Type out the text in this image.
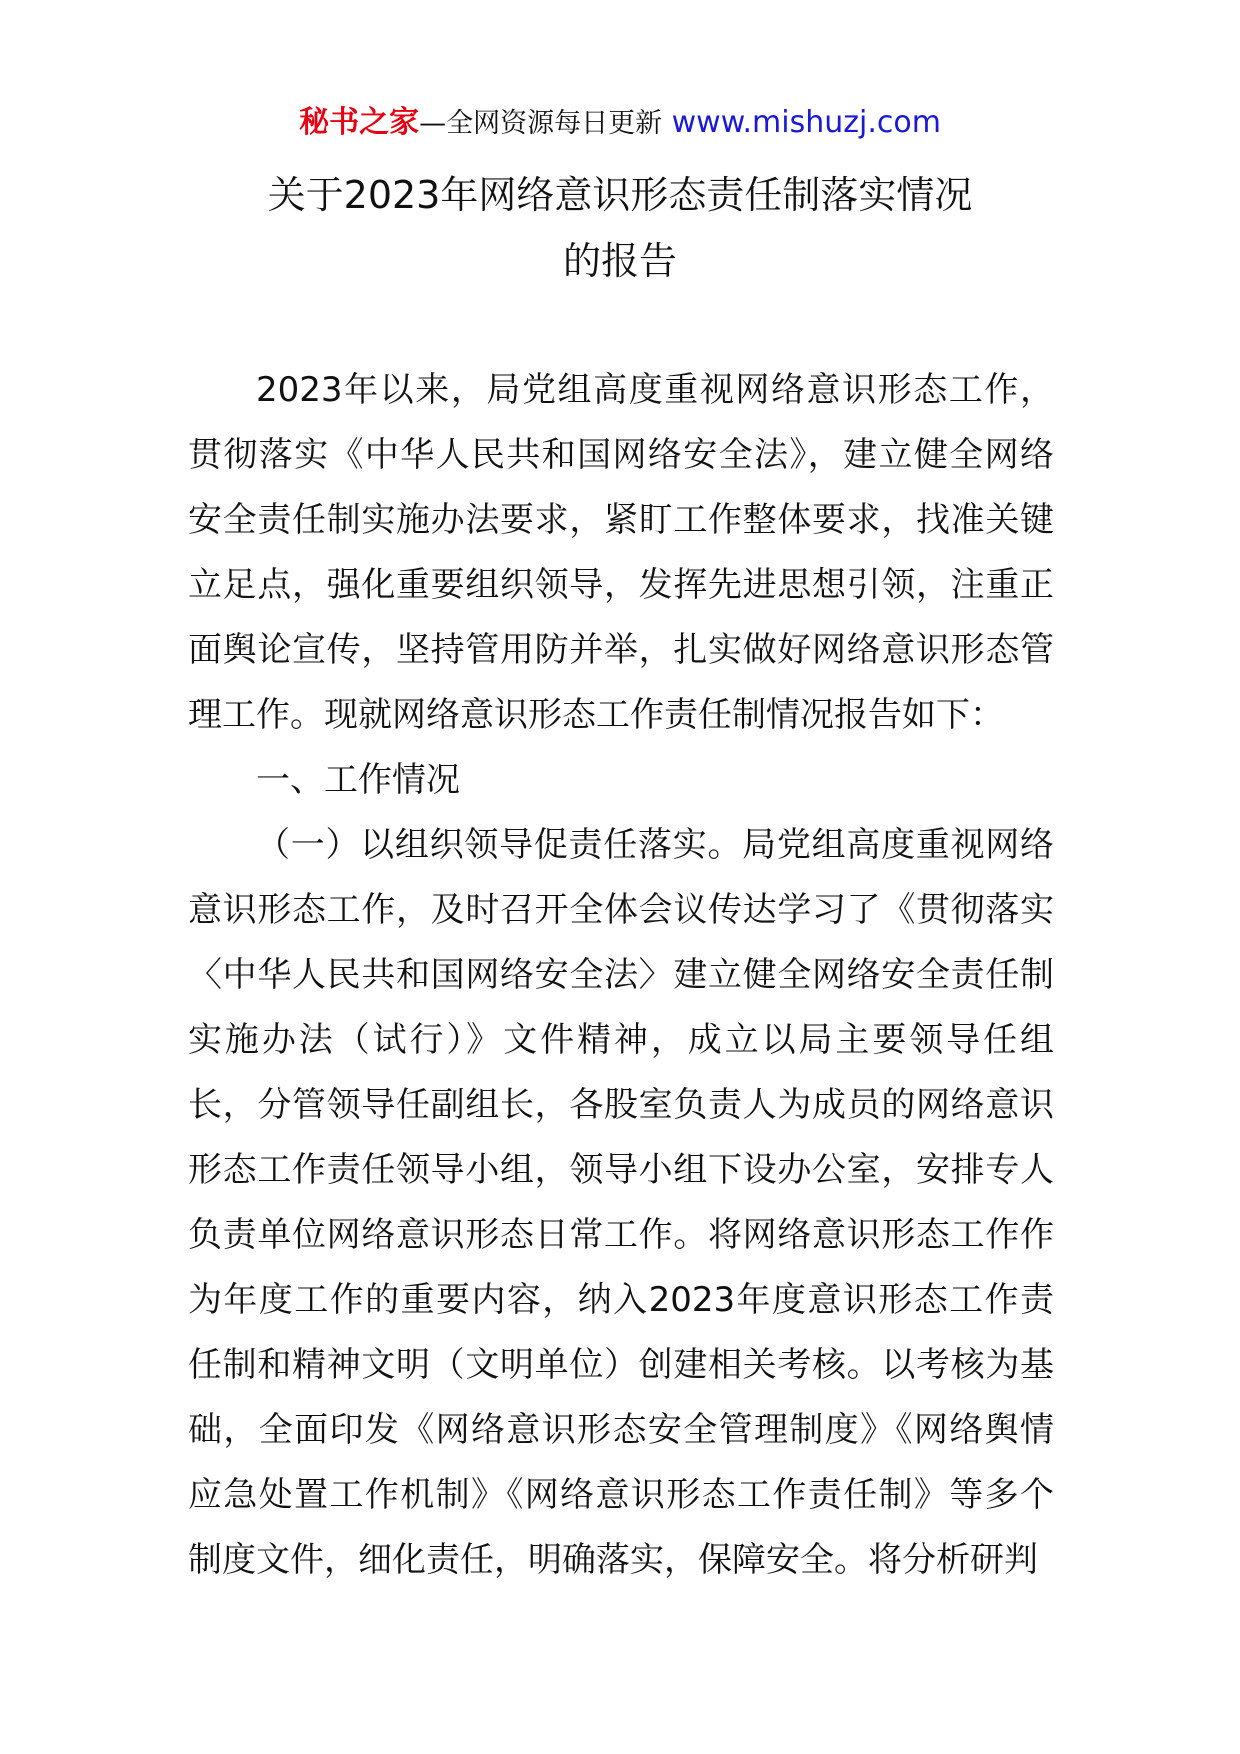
秘书之家—全网资源每日更新 www.mishuzj.com
关于2023年网络意识形态责任制落实情况
的报告

2023年以来，局党组高度重视网络意识形态工作，贯彻落实《中华人民共和国网络安全法》，建立健全网络安全责任制实施办法要求，紧盯工作整体要求，找准关键立足点，强化重要组织领导，发挥先进思想引领，注重正面舆论宣传，坚持管用防并举，扎实做好网络意识形态管理工作。现就网络意识形态工作责任制情况报告如下：

一、工作情况

（一）以组织领导促责任落实。局党组高度重视网络意识形态工作，及时召开全体会议传达学习了《贯彻落实〈中华人民共和国网络安全法〉建立健全网络安全责任制实施办法（试行）》文件精神，成立以局主要领导任组长，分管领导任副组长，各股室负责人为成员的网络意识形态工作责任领导小组，领导小组下设办公室，安排专人负责单位网络意识形态日常工作。将网络意识形态工作作为年度工作的重要内容，纳入2023年度意识形态工作责任制和精神文明（文明单位）创建相关考核。以考核为基础，全面印发《网络意识形态安全管理制度》《网络舆情应急处置工作机制》《网络意识形态工作责任制》等多个制度文件，细化责任，明确落实，保障安全。将分析研判
